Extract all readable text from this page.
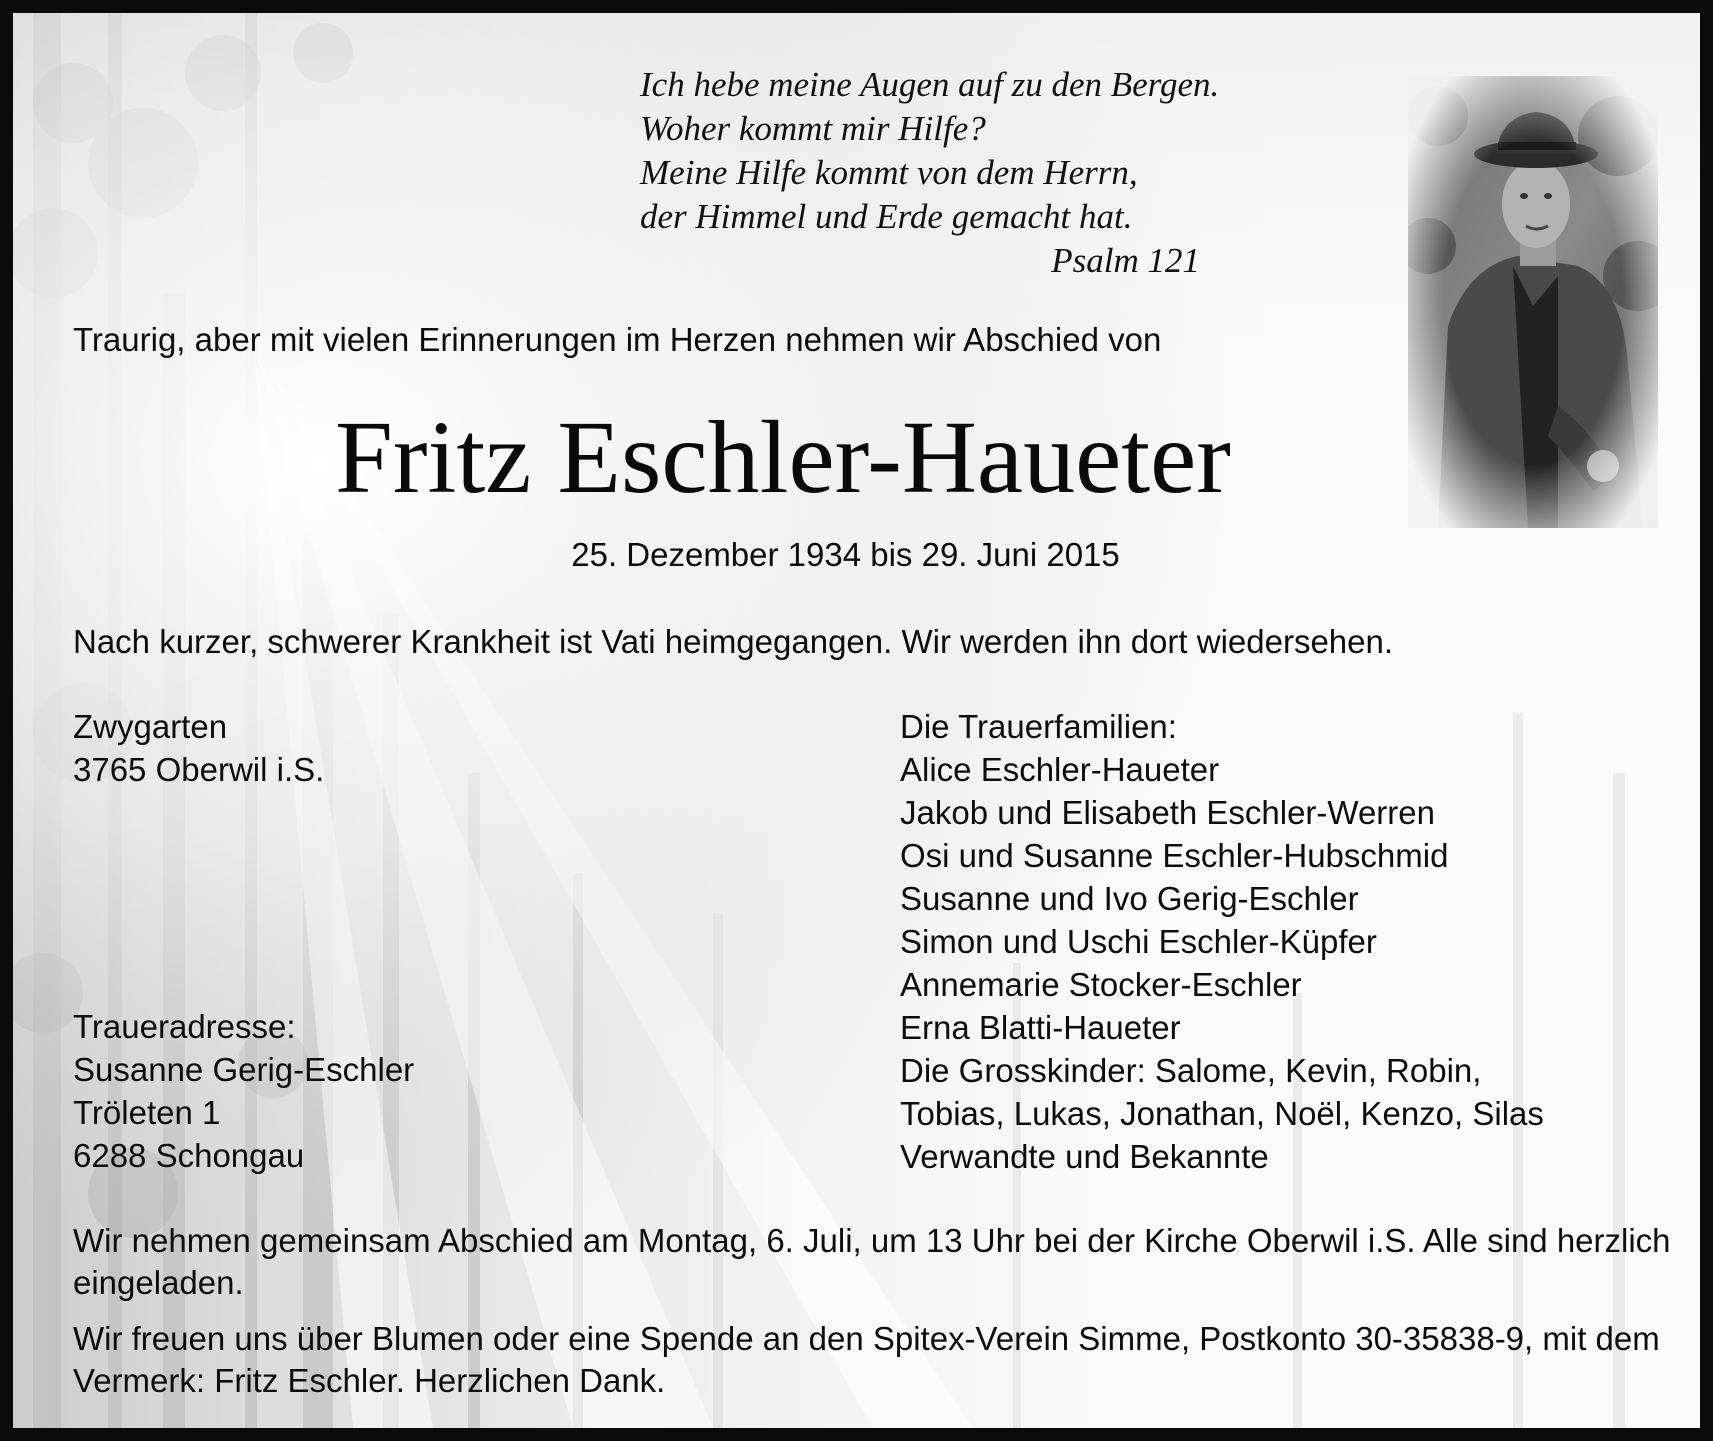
Ich hebe meine Augen auf zu den Bergen.
Woher kommt mir Hilfe?
Meine Hilfe kommt von dem Herrn,
der Himmel und Erde gemacht hat.
Psalm 121

Traurig, aber mit vielen Erinnerungen im Herzen nehmen wir Abschied von

Fritz Eschler-Haueter

25. Dezember 1934 bis 29. Juni 2015

Nach kurzer, schwerer Krankheit ist Vati heimgegangen. Wir werden ihn dort wiedersehen.

Zwygarten
3765 Oberwil i.S.
Traueradresse:
Susanne Gerig-Eschler
Tröleten 1
6288 Schongau
Die Trauerfamilien:
Alice Eschler-Haueter
Jakob und Elisabeth Eschler-Werren
Osi und Susanne Eschler-Hubschmid
Susanne und Ivo Gerig-Eschler
Simon und Uschi Eschler-Küpfer
Annemarie Stocker-Eschler
Erna Blatti-Haueter
Die Grosskinder: Salome, Kevin, Robin,
Tobias, Lukas, Jonathan, Noël, Kenzo, Silas
Verwandte und Bekannte

Wir nehmen gemeinsam Abschied am Montag, 6. Juli, um 13 Uhr bei der Kirche Oberwil i.S. Alle sind herzlich eingeladen.

Wir freuen uns über Blumen oder eine Spende an den Spitex-Verein Simme, Postkonto 30-35838-9, mit dem Vermerk: Fritz Eschler. Herzlichen Dank.
